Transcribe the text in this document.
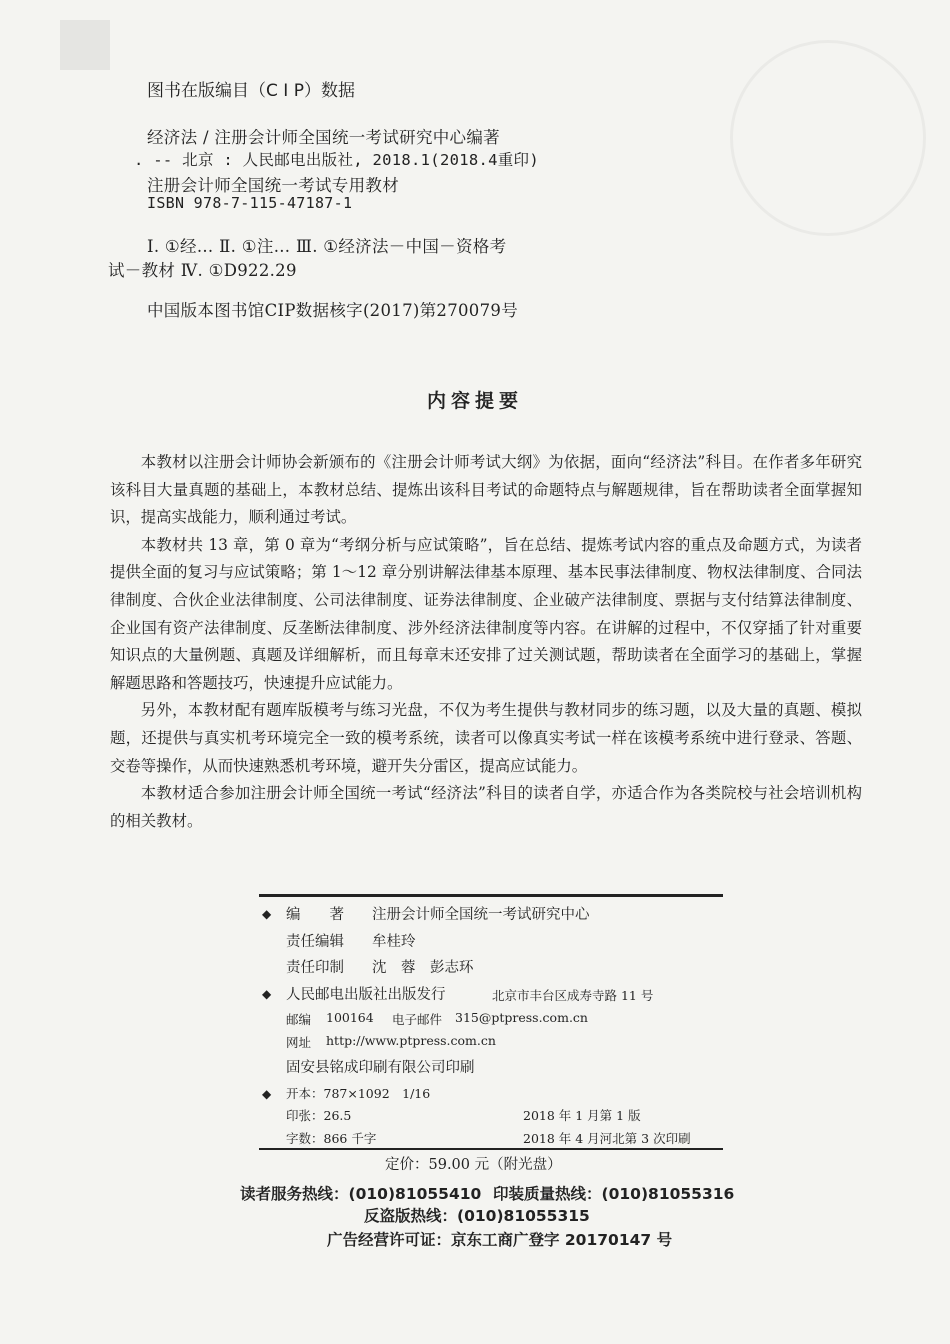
图书在版编目（C I P）数据
经济法 / 注册会计师全国统一考试研究中心编著
. -- 北京 : 人民邮电出版社, 2018.1(2018.4重印)
注册会计师全国统一考试专用教材
ISBN 978-7-115-47187-1
Ⅰ. ①经… Ⅱ. ①注… Ⅲ. ①经济法－中国－资格考
试－教材 Ⅳ. ①D922.29
中国版本图书馆CIP数据核字(2017)第270079号
内容提要

本教材以注册会计师协会新颁布的《注册会计师考试大纲》为依据，面向“经济法”科目。在作者多年研究该科目大量真题的基础上，本教材总结、提炼出该科目考试的命题特点与解题规律，旨在帮助读者全面掌握知识，提高实战能力，顺利通过考试。

本教材共 13 章，第 0 章为“考纲分析与应试策略”，旨在总结、提炼考试内容的重点及命题方式，为读者提供全面的复习与应试策略；第 1～12 章分别讲解法律基本原理、基本民事法律制度、物权法律制度、合同法律制度、合伙企业法律制度、公司法律制度、证券法律制度、企业破产法律制度、票据与支付结算法律制度、企业国有资产法律制度、反垄断法律制度、涉外经济法律制度等内容。在讲解的过程中，不仅穿插了针对重要知识点的大量例题、真题及详细解析，而且每章末还安排了过关测试题，帮助读者在全面学习的基础上，掌握解题思路和答题技巧，快速提升应试能力。

另外，本教材配有题库版模考与练习光盘，不仅为考生提供与教材同步的练习题，以及大量的真题、模拟题，还提供与真实机考环境完全一致的模考系统，读者可以像真实考试一样在该模考系统中进行登录、答题、交卷等操作，从而快速熟悉机考环境，避开失分雷区，提高应试能力。

本教材适合参加注册会计师全国统一考试“经济法”科目的读者自学，亦适合作为各类院校与社会培训机构的相关教材。

◆ 编　　著 注册会计师全国统一考试研究中心
责任编辑 牟桂玲
责任印制 沈　蓉　彭志环
◆ 人民邮电出版社出版发行	北京市丰台区成寿寺路 11 号
邮编 100164 电子邮件 315@ptpress.com.cn
网址 http://www.ptpress.com.cn
固安县铭成印刷有限公司印刷
◆ 开本：787×1092　1/16
印张：26.5	2018 年 1 月第 1 版
字数：866 千字	2018 年 4 月河北第 3 次印刷
定价：59.00 元（附光盘）
读者服务热线：(010)81055410 印装质量热线：(010)81055316
反盗版热线：(010)81055315
广告经营许可证：京东工商广登字 20170147 号
